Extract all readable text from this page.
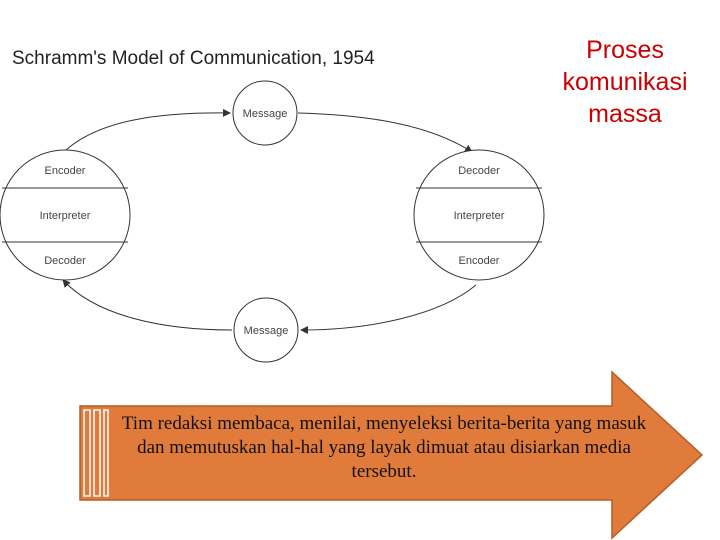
Schramm's Model of Communication, 1954	Proses komunikasi massa
Message
Message
Encoder
Interpreter
Decoder
Decoder
Interpreter
Encoder
Tim redaksi membaca, menilai, menyeleksi berita-berita yang masuk dan memutuskan hal-hal yang layak dimuat atau disiarkan media tersebut.
